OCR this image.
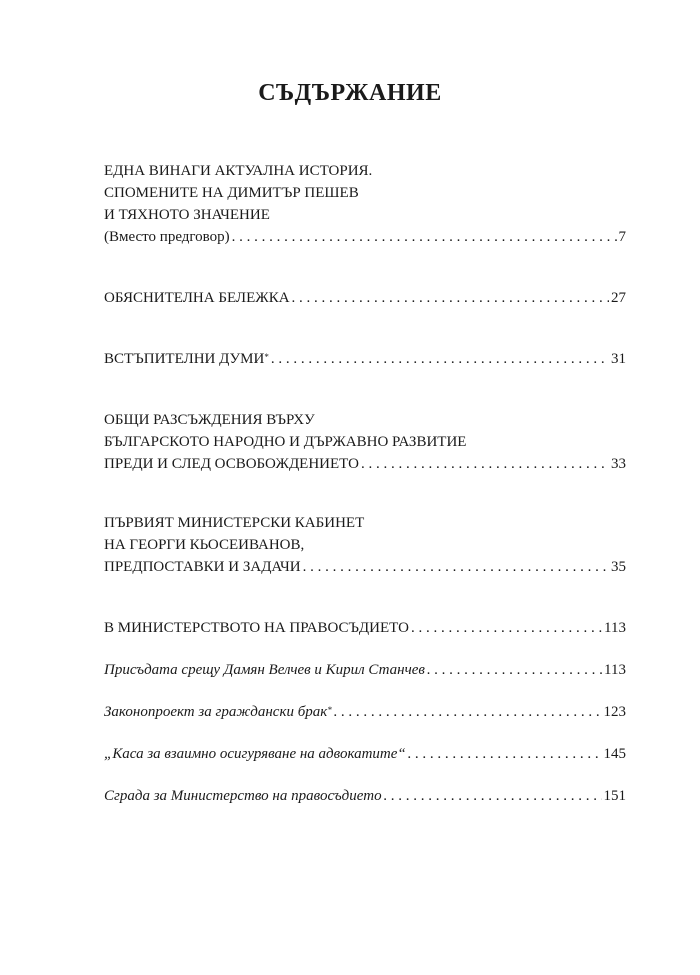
СЪДЪРЖАНИЕ
ЕДНА ВИНАГИ АКТУАЛНА ИСТОРИЯ.
СПОМЕНИТЕ НА ДИМИТЪР ПЕШЕВ
И ТЯХНОТО ЗНАЧЕНИЕ
(Вместо предговор) . . .	7
ОБЯСНИТЕЛНА БЕЛЕЖКА . . .	27
ВСТЪПИТЕЛНИ ДУМИ* . . .	31
ОБЩИ РАЗСЪЖДЕНИЯ ВЪРХУ
БЪЛГАРСКОТО НАРОДНО И ДЪРЖАВНО РАЗВИТИЕ
ПРЕДИ И СЛЕД ОСВОБОЖДЕНИЕТО . . .	33
ПЪРВИЯТ МИНИСТЕРСКИ КАБИНЕТ
НА ГЕОРГИ КЬОСЕИВАНОВ,
ПРЕДПОСТАВКИ И ЗАДАЧИ . . .	35
В МИНИСТЕРСТВОТО НА ПРАВОСЪДИЕТО . . .	113
Присъдата срещу Дамян Велчев и Кирил Станчев . . .	113
Законопроект за граждански брак* . . .	123
„Каса за взаимно осигуряване на адвокатите“ . . .	145
Сграда за Министерство на правосъдието . . .	151
